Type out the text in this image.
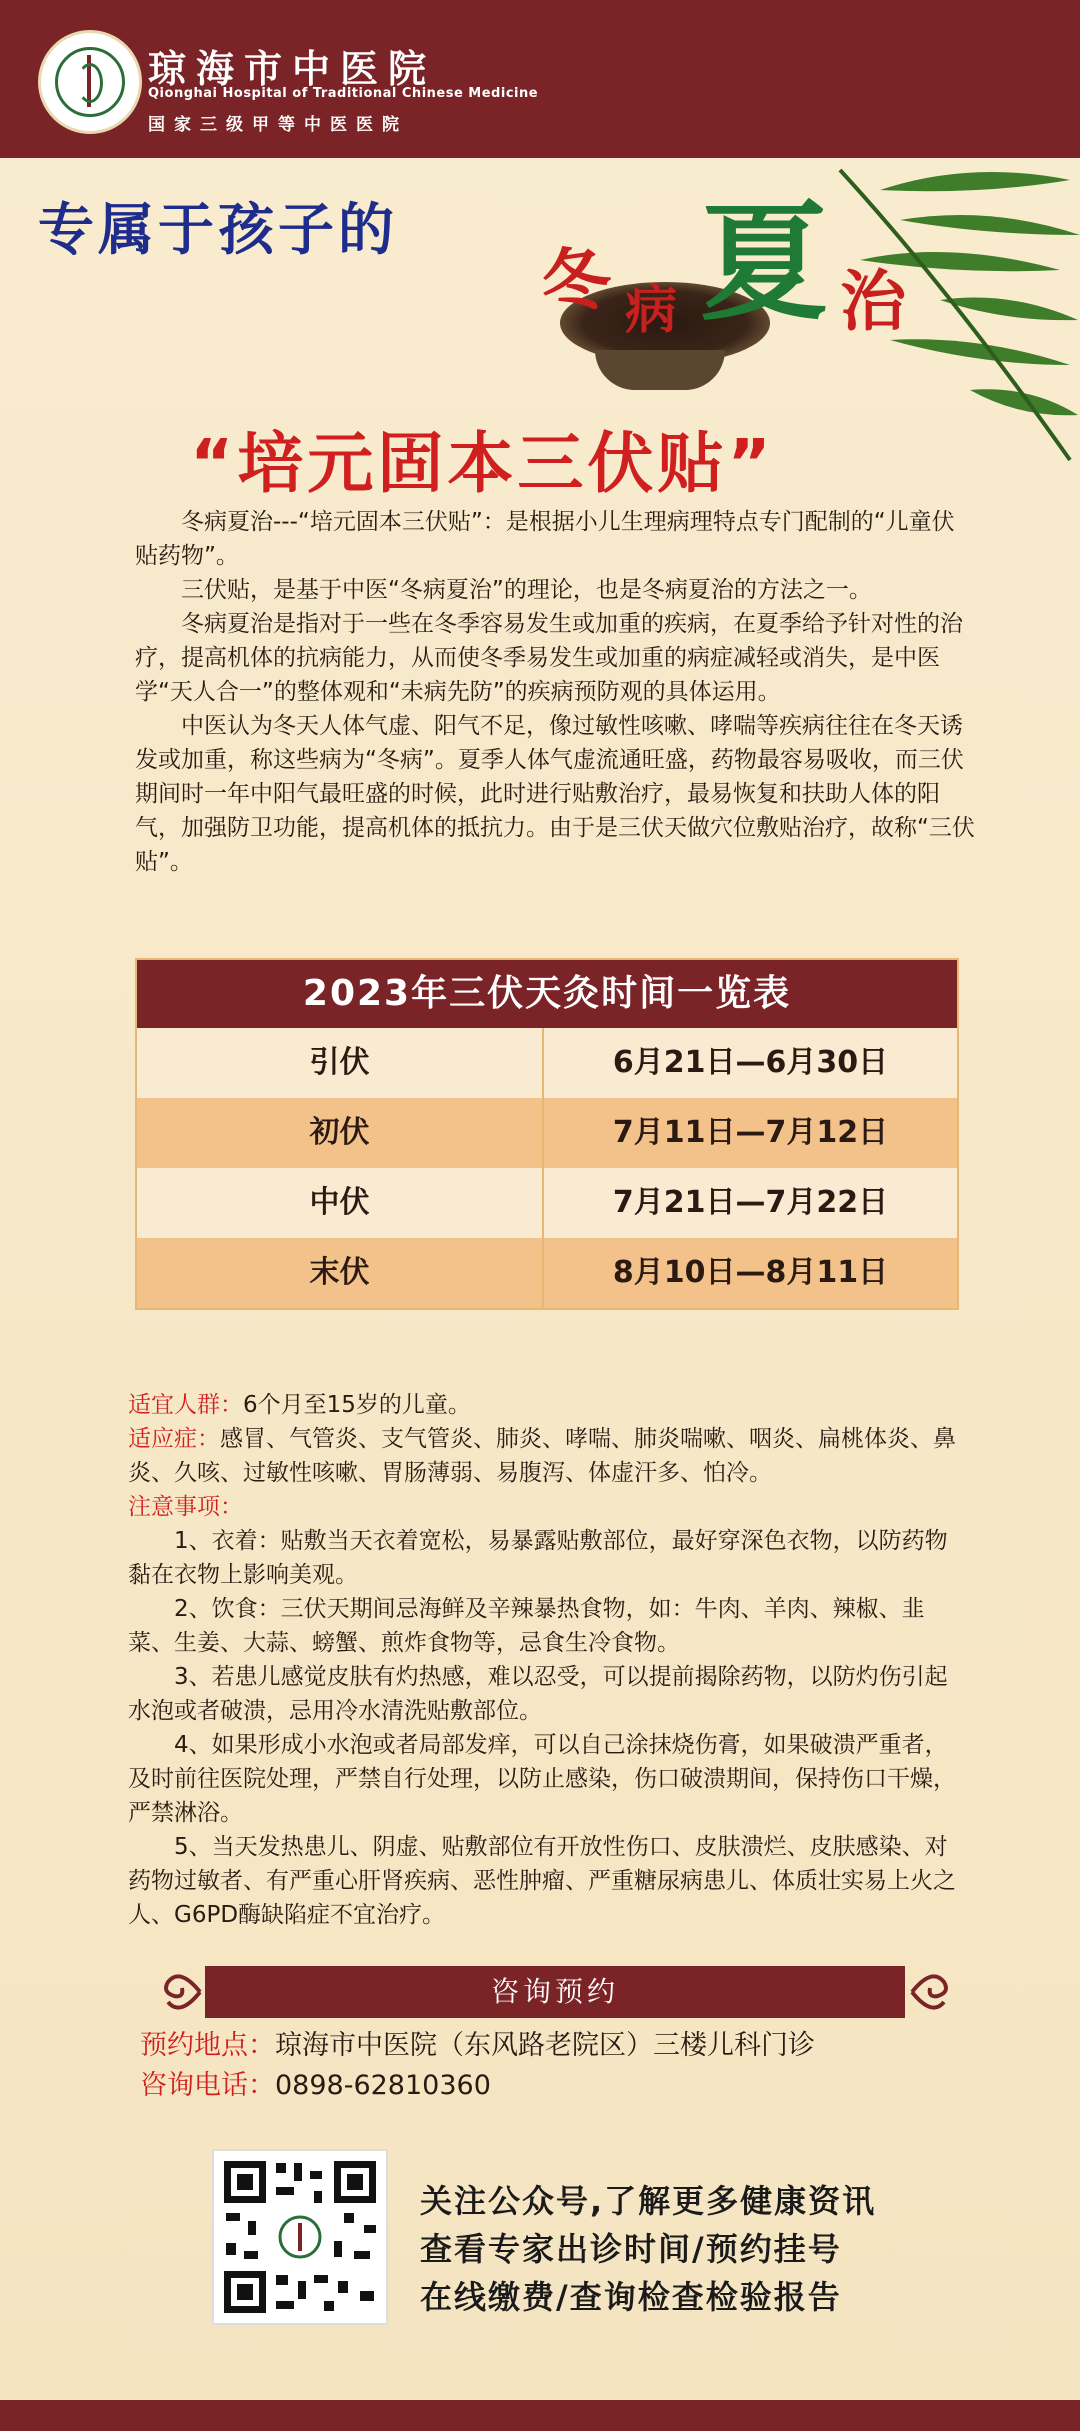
琼海市中医院
Qionghai Hospital of Traditional Chinese Medicine
国家三级甲等中医医院
专属于孩子的
冬 病 夏 治
“培元固本三伏贴”

冬病夏治---“培元固本三伏贴”：是根据小儿生理病理特点专门配制的“儿童伏贴药物”。

三伏贴，是基于中医“冬病夏治”的理论，也是冬病夏治的方法之一。

冬病夏治是指对于一些在冬季容易发生或加重的疾病，在夏季给予针对性的治疗，提高机体的抗病能力，从而使冬季易发生或加重的病症减轻或消失，是中医学“天人合一”的整体观和“未病先防”的疾病预防观的具体运用。

中医认为冬天人体气虚、阳气不足，像过敏性咳嗽、哮喘等疾病往往在冬天诱发或加重，称这些病为“冬病”。夏季人体气虚流通旺盛，药物最容易吸收，而三伏期间时一年中阳气最旺盛的时候，此时进行贴敷治疗，最易恢复和扶助人体的阳气，加强防卫功能，提高机体的抵抗力。由于是三伏天做穴位敷贴治疗，故称“三伏贴”。

2023年三伏天灸时间一览表
引伏	6月21日—6月30日
初伏	7月11日—7月12日
中伏	7月21日—7月22日
末伏	8月10日—8月11日

适宜人群：6个月至15岁的儿童。

适应症：感冒、气管炎、支气管炎、肺炎、哮喘、肺炎喘嗽、咽炎、扁桃体炎、鼻炎、久咳、过敏性咳嗽、胃肠薄弱、易腹泻、体虚汗多、怕冷。

注意事项：

1、衣着：贴敷当天衣着宽松，易暴露贴敷部位，最好穿深色衣物，以防药物黏在衣物上影响美观。

2、饮食：三伏天期间忌海鲜及辛辣暴热食物，如：牛肉、羊肉、辣椒、韭菜、生姜、大蒜、螃蟹、煎炸食物等，忌食生冷食物。

3、若患儿感觉皮肤有灼热感，难以忍受，可以提前揭除药物，以防灼伤引起水泡或者破溃，忌用冷水清洗贴敷部位。

4、如果形成小水泡或者局部发痒，可以自己涂抹烧伤膏，如果破溃严重者，及时前往医院处理，严禁自行处理，以防止感染，伤口破溃期间，保持伤口干燥，严禁淋浴。

5、当天发热患儿、阴虚、贴敷部位有开放性伤口、皮肤溃烂、皮肤感染、对药物过敏者、有严重心肝肾疾病、恶性肿瘤、严重糖尿病患儿、体质壮实易上火之人、G6PD酶缺陷症不宜治疗。

咨询预约
预约地点：琼海市中医院（东风路老院区）三楼儿科门诊
咨询电话：0898-62810360
关注公众号,了解更多健康资讯
查看专家出诊时间/预约挂号
在线缴费/查询检查检验报告
